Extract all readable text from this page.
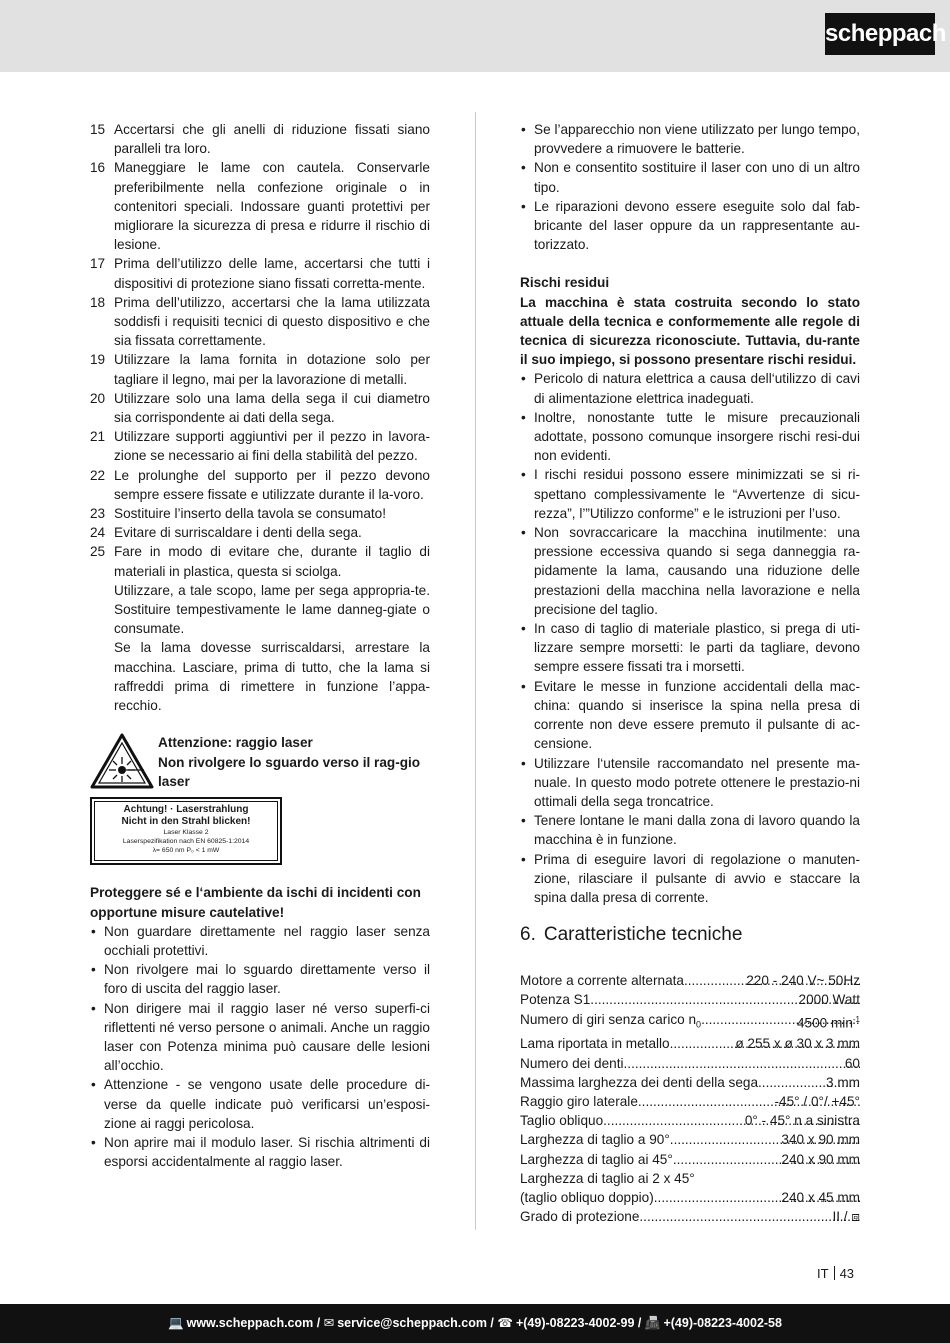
scheppach
15 Accertarsi che gli anelli di riduzione fissati siano paralleli tra loro.
16 Maneggiare le lame con cautela. Conservarle preferibilmente nella confezione originale o in contenitori speciali. Indossare guanti protettivi per migliorare la sicurezza di presa e ridurre il rischio di lesione.
17 Prima dell’utilizzo delle lame, accertarsi che tutti i dispositivi di protezione siano fissati corretta-mente.
18 Prima dell’utilizzo, accertarsi che la lama utilizzata soddisfi i requisiti tecnici di questo dispositivo e che sia fissata correttamente.
19 Utilizzare la lama fornita in dotazione solo per tagliare il legno, mai per la lavorazione di metalli.
20 Utilizzare solo una lama della sega il cui diametro sia corrispondente ai dati della sega.
21 Utilizzare supporti aggiuntivi per il pezzo in lavora-zione se necessario ai fini della stabilità del pezzo.
22 Le prolunghe del supporto per il pezzo devono sempre essere fissate e utilizzate durante il la-voro.
23 Sostituire l’inserto della tavola se consumato!
24 Evitare di surriscaldare i denti della sega.
25 Fare in modo di evitare che, durante il taglio di materiali in plastica, questa si sciolga.
Utilizzare, a tale scopo, lame per sega appropria-te. Sostituire tempestivamente le lame danneg-giate o consumate.
Se la lama dovesse surriscaldarsi, arrestare la macchina. Lasciare, prima di tutto, che la lama si raffreddi prima di rimettere in funzione l’appa-recchio.
Attenzione: raggio laser
Non rivolgere lo sguardo verso il rag-gio laser
Achtung! · Laserstrahlung
Nicht in den Strahl blicken!
Laser Klasse 2
Laserspezifikation nach EN 60825-1:2014
λ= 650 nm P₀ < 1 mW
Proteggere sé e l‘ambiente da ischi di incidenti con opportune misure cautelative!
• Non guardare direttamente nel raggio laser senza occhiali protettivi.
• Non rivolgere mai lo sguardo direttamente verso il foro di uscita del raggio laser.
• Non dirigere mai il raggio laser né verso superfi-ci riflettenti né verso persone o animali. Anche un raggio laser con Potenza minima può causare delle lesioni all’occhio.
• Attenzione - se vengono usate delle procedure di-verse da quelle indicate può verificarsi un’esposi-zione ai raggi pericolosa.
• Non aprire mai il modulo laser. Si rischia altrimenti di esporsi accidentalmente al raggio laser.
• Se l’apparecchio non viene utilizzato per lungo tempo, provvedere a rimuovere le batterie.
• Non e consentito sostituire il laser con uno di un altro tipo.
• Le riparazioni devono essere eseguite solo dal fab-bricante del laser oppure da un rappresentante au-torizzato.
Rischi residui
La macchina è stata costruita secondo lo stato attuale della tecnica e conformemente alle regole di tecnica di sicurezza riconosciute. Tuttavia, du-rante il suo impiego, si possono presentare rischi residui.
• Pericolo di natura elettrica a causa dell‘utilizzo di cavi di alimentazione elettrica inadeguati.
• Inoltre, nonostante tutte le misure precauzionali adottate, possono comunque insorgere rischi resi-dui non evidenti.
• I rischi residui possono essere minimizzati se si ri-spettano complessivamente le “Avvertenze di sicu-rezza”, l’”Utilizzo conforme” e le istruzioni per l’uso.
• Non sovraccaricare la macchina inutilmente: una pressione eccessiva quando si sega danneggia ra-pidamente la lama, causando una riduzione delle prestazioni della macchina nella lavorazione e nella precisione del taglio.
• In caso di taglio di materiale plastico, si prega di uti-lizzare sempre morsetti: le parti da tagliare, devono sempre essere fissati tra i morsetti.
• Evitare le messe in funzione accidentali della mac-china: quando si inserisce la spina nella presa di corrente non deve essere premuto il pulsante di ac-censione.
• Utilizzare l‘utensile raccomandato nel presente ma-nuale. In questo modo potrete ottenere le prestazio-ni ottimali della sega troncatrice.
• Tenere lontane le mani dalla zona di lavoro quando la macchina è in funzione.
• Prima di eseguire lavori di regolazione o manuten-zione, rilasciare il pulsante di avvio e staccare la spina dalla presa di corrente.
6. Caratteristiche tecniche
220 - 240 V~ 50Hz
Motore a corrente alternata .....
2000 Watt
Potenza S1 .....
4500 $\min^{-1}$
Numero di giri senza carico $n_0$ .....
ø 255 x ø 30 x 3 mm
Lama riportata in metallo .....
60
Numero dei denti .....
3 mm
Massima larghezza dei denti della sega .....
-45° / 0°/ +45°
Raggio giro laterale .....
0° - 45° n a sinistra
Taglio obliquo .....
340 x 90 mm
Larghezza di taglio a 90° .....
240 x 90 mm
Larghezza di taglio ai 45° .....
Larghezza di taglio ai 2 x 45°
240 x 45 mm
(taglio obliquo doppio) .....
II / ⧈
Grado di protezione .....
IT 43
💻 www.scheppach.com / ✉ service@scheppach.com / ☎ +(49)-08223-4002-99 / 📠 +(49)-08223-4002-58
